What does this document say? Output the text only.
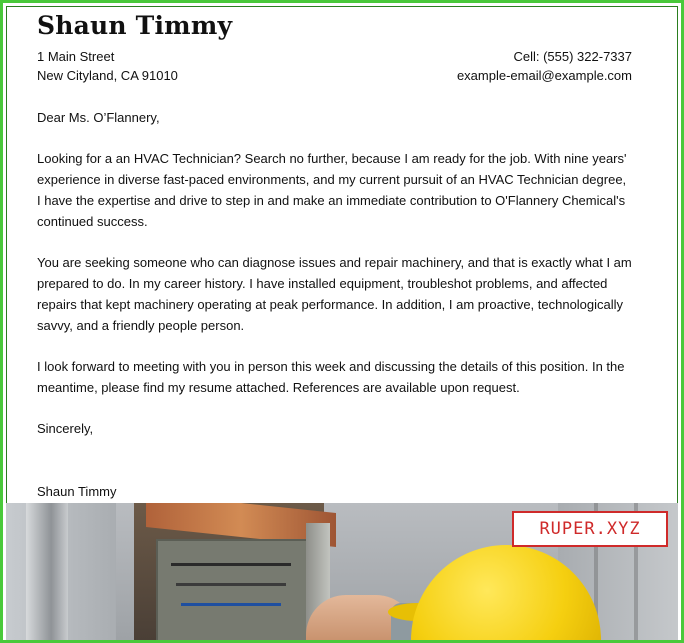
Shaun Timmy
1 Main Street
New Cityland, CA 91010
Cell: (555) 322-7337
example-email@example.com

Dear Ms. O’Flannery,

Looking for a an HVAC Technician? Search no further, because I am ready for the job. With nine years' experience in diverse fast-paced environments, and my current pursuit of an HVAC Technician degree, I have the expertise and drive to step in and make an immediate contribution to O'Flannery Chemical's continued success.

You are seeking someone who can diagnose issues and repair machinery, and that is exactly what I am prepared to do. In my career history. I have installed equipment, troubleshot problems, and affected repairs that kept machinery operating at peak performance. In addition, I am proactive, technologically savvy, and a friendly people person.

I look forward to meeting with you in person this week and discussing the details of this position. In the meantime, please find my resume attached. References are available upon request.

Sincerely,

Shaun Timmy
RUPER.XYZ
